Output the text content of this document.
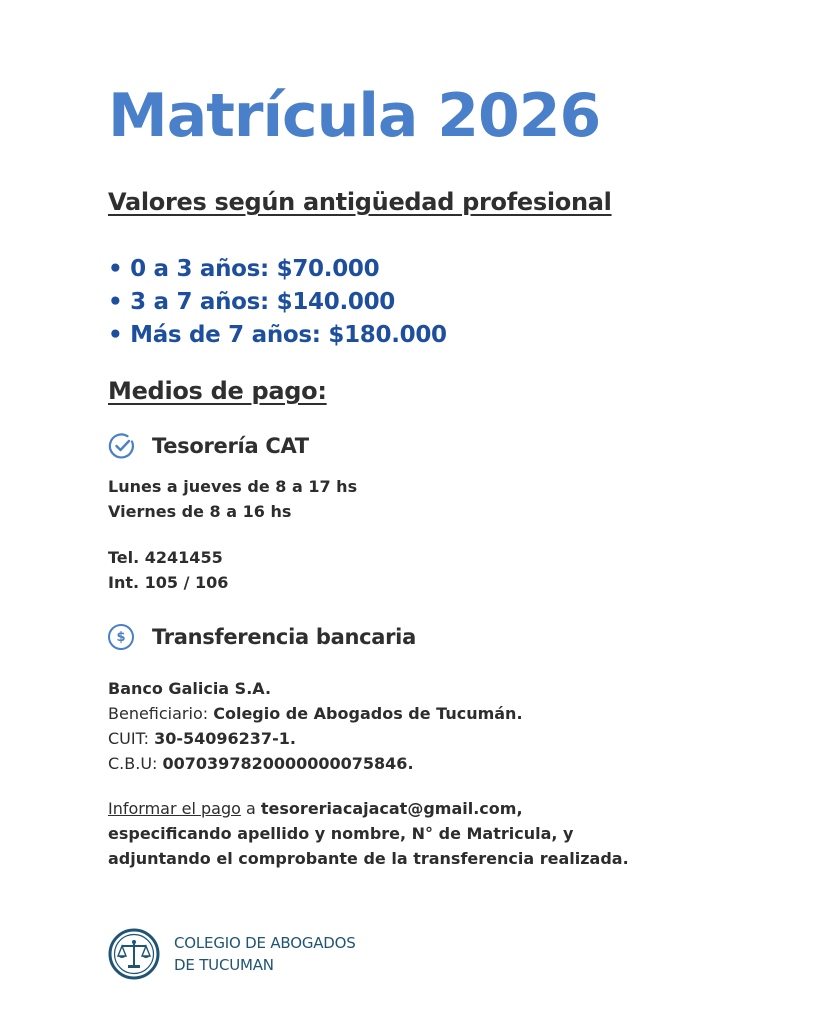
Matrícula 2026
Valores según antigüedad profesional
• 0 a 3 años: $70.000
• 3 a 7 años: $140.000
• Más de 7 años: $180.000
Medios de pago:
Tesorería CAT
Lunes a jueves de 8 a 17 hs
Viernes de 8 a 16 hs
Tel. 4241455
Int. 105 / 106
$	Transferencia bancaria
Banco Galicia S.A.
Beneficiario: Colegio de Abogados de Tucumán.
CUIT: 30-54096237-1.
C.B.U: 0070397820000000075846.
Informar el pago a tesoreriacajacat@gmail.com,
especificando apellido y nombre, N° de Matricula, y
adjuntando el comprobante de la transferencia realizada.
COLEGIO DE ABOGADOS
DE TUCUMAN
